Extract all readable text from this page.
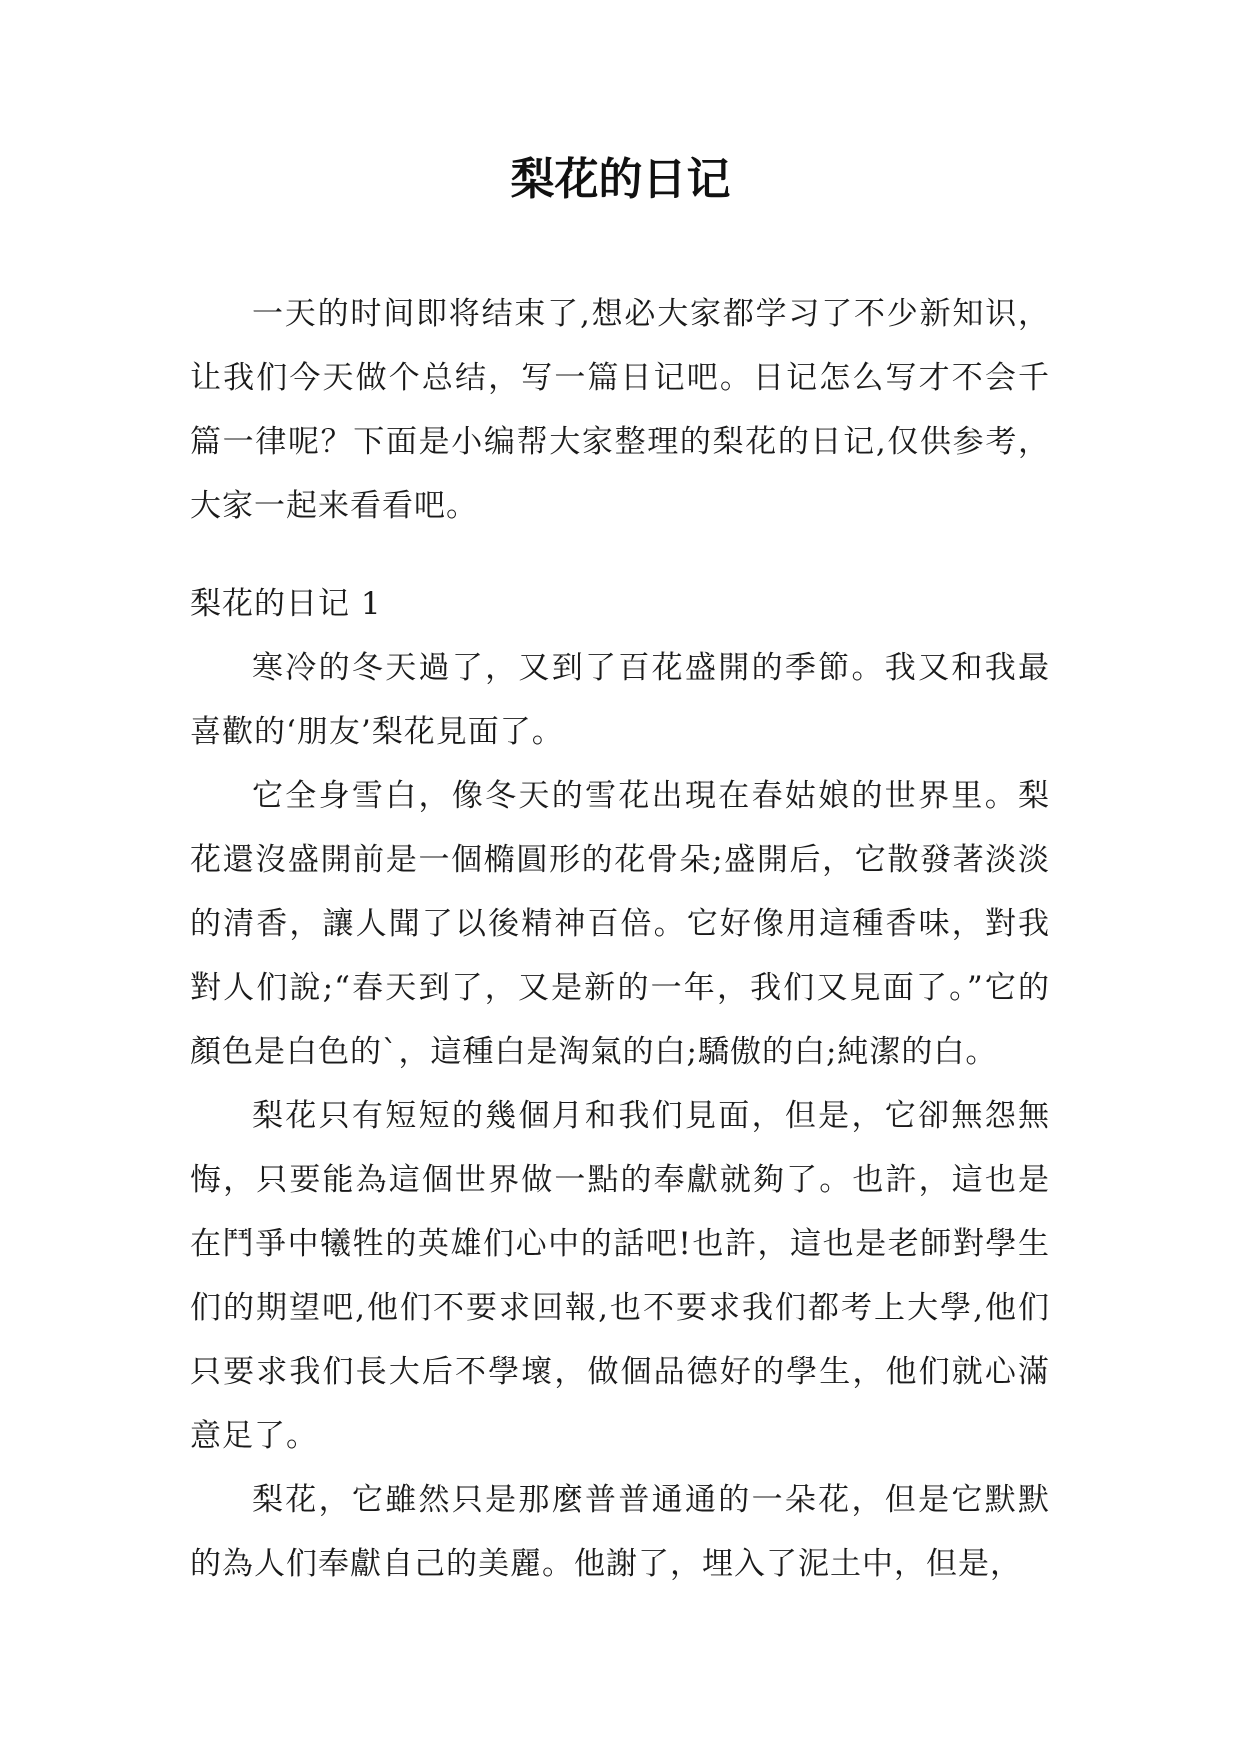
梨花的日记

一天的时间即将结束了,想必大家都学习了不少新知识，让我们今天做个总结，写一篇日记吧。日记怎么写才不会千篇一律呢？下面是小编帮大家整理的梨花的日记,仅供参考，大家一起来看看吧。

梨花的日记 1

寒冷的冬天過了，又到了百花盛開的季節。我又和我最喜歡的‘朋友’梨花見面了。

它全身雪白，像冬天的雪花出現在春姑娘的世界里。梨花還沒盛開前是一個橢圓形的花骨朵;盛開后，它散發著淡淡的清香，讓人聞了以後精神百倍。它好像用這種香味，對我對人们說;“春天到了，又是新的一年，我们又見面了。”它的顏色是白色的`，這種白是淘氣的白;驕傲的白;純潔的白。

梨花只有短短的幾個月和我们見面，但是，它卻無怨無悔，只要能為這個世界做一點的奉獻就夠了。也許，這也是在鬥爭中犧牲的英雄们心中的話吧!也許，這也是老師對學生们的期望吧,他们不要求回報,也不要求我们都考上大學,他们只要求我们長大后不學壞，做個品德好的學生，他们就心滿意足了。

梨花，它雖然只是那麼普普通通的一朵花，但是它默默的為人们奉獻自己的美麗。他謝了，埋入了泥土中，但是，
